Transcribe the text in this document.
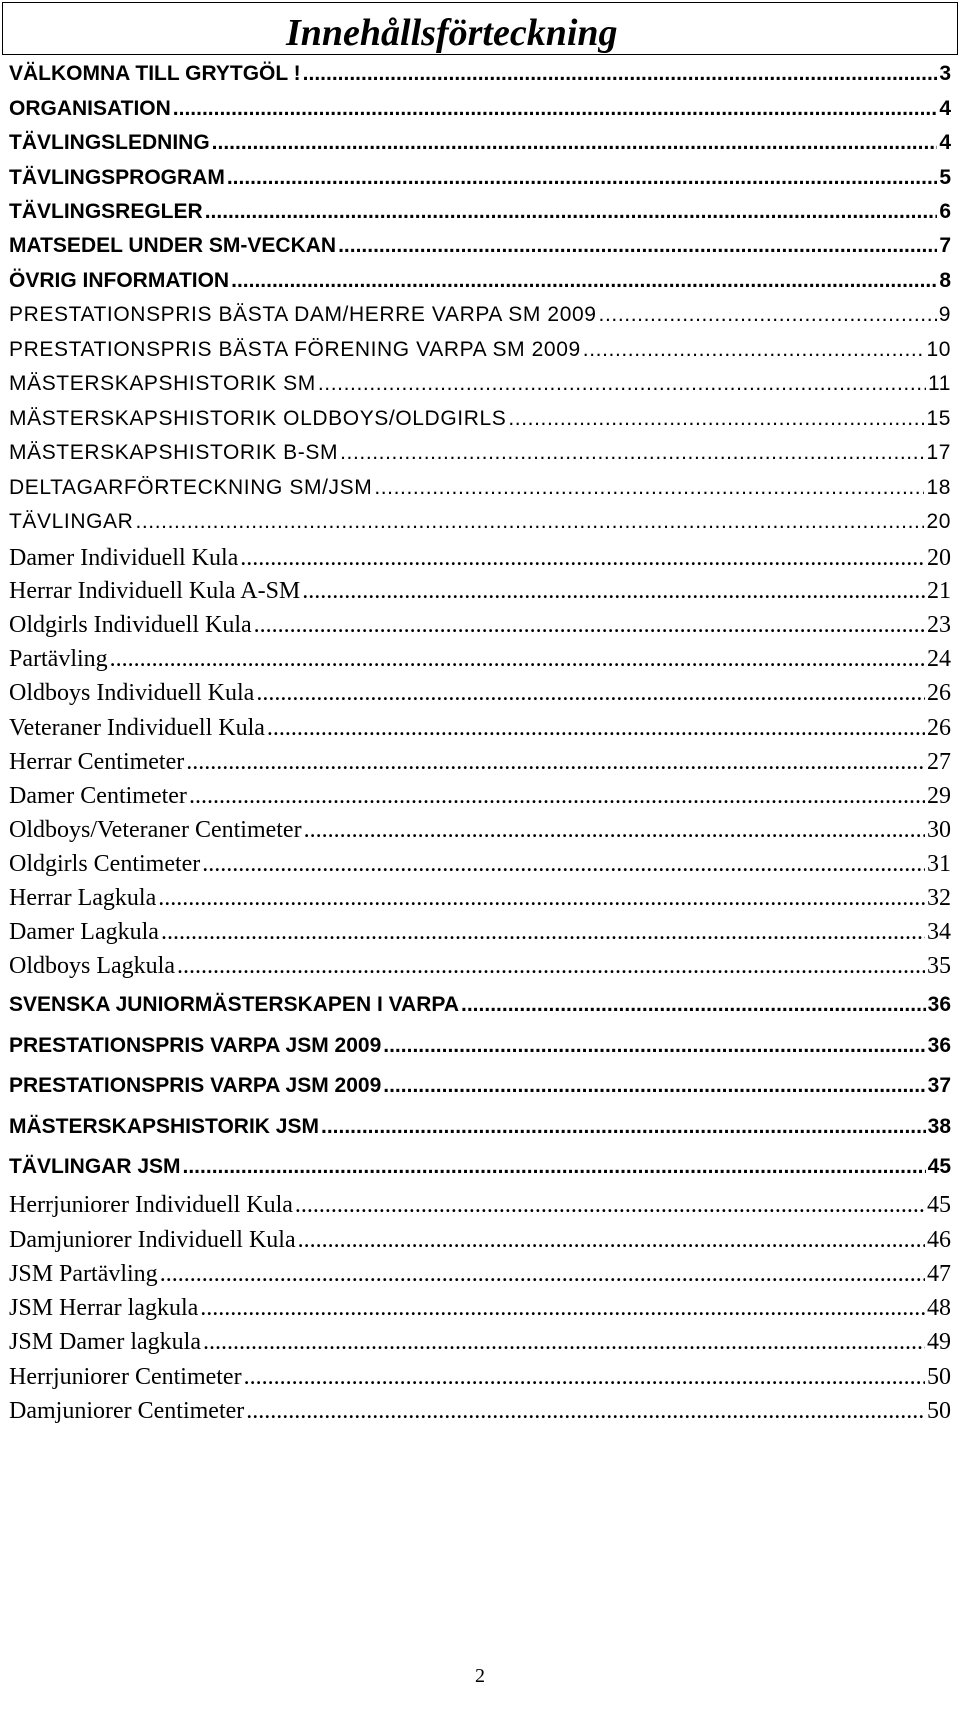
Innehållsförteckning
VÄLKOMNA TILL GRYTGÖL ! .....	3
ORGANISATION .....	4
TÄVLINGSLEDNING .....	4
TÄVLINGSPROGRAM .....	5
TÄVLINGSREGLER .....	6
MATSEDEL UNDER SM-VECKAN .....	7
ÖVRIG INFORMATION .....	8
PRESTATIONSPRIS BÄSTA DAM/HERRE VARPA SM 2009 .....	9
PRESTATIONSPRIS BÄSTA FÖRENING VARPA SM 2009 .....	10
MÄSTERSKAPSHISTORIK SM .....	11
MÄSTERSKAPSHISTORIK OLDBOYS/OLDGIRLS .....	15
MÄSTERSKAPSHISTORIK B-SM .....	17
DELTAGARFÖRTECKNING SM/JSM .....	18
TÄVLINGAR .....	20
Damer Individuell Kula .....	20
Herrar Individuell Kula A-SM .....	21
Oldgirls Individuell Kula .....	23
Partävling .....	24
Oldboys Individuell Kula .....	26
Veteraner Individuell Kula .....	26
Herrar Centimeter .....	27
Damer Centimeter .....	29
Oldboys/Veteraner Centimeter .....	30
Oldgirls Centimeter .....	31
Herrar Lagkula .....	32
Damer Lagkula .....	34
Oldboys Lagkula .....	35
SVENSKA JUNIORMÄSTERSKAPEN I VARPA .....	36
PRESTATIONSPRIS VARPA JSM 2009 .....	36
PRESTATIONSPRIS VARPA JSM 2009 .....	37
MÄSTERSKAPSHISTORIK JSM .....	38
TÄVLINGAR JSM .....	45
Herrjuniorer Individuell Kula .....	45
Damjuniorer Individuell Kula .....	46
JSM Partävling .....	47
JSM Herrar lagkula .....	48
JSM Damer lagkula .....	49
Herrjuniorer Centimeter .....	50
Damjuniorer Centimeter .....	50
2
